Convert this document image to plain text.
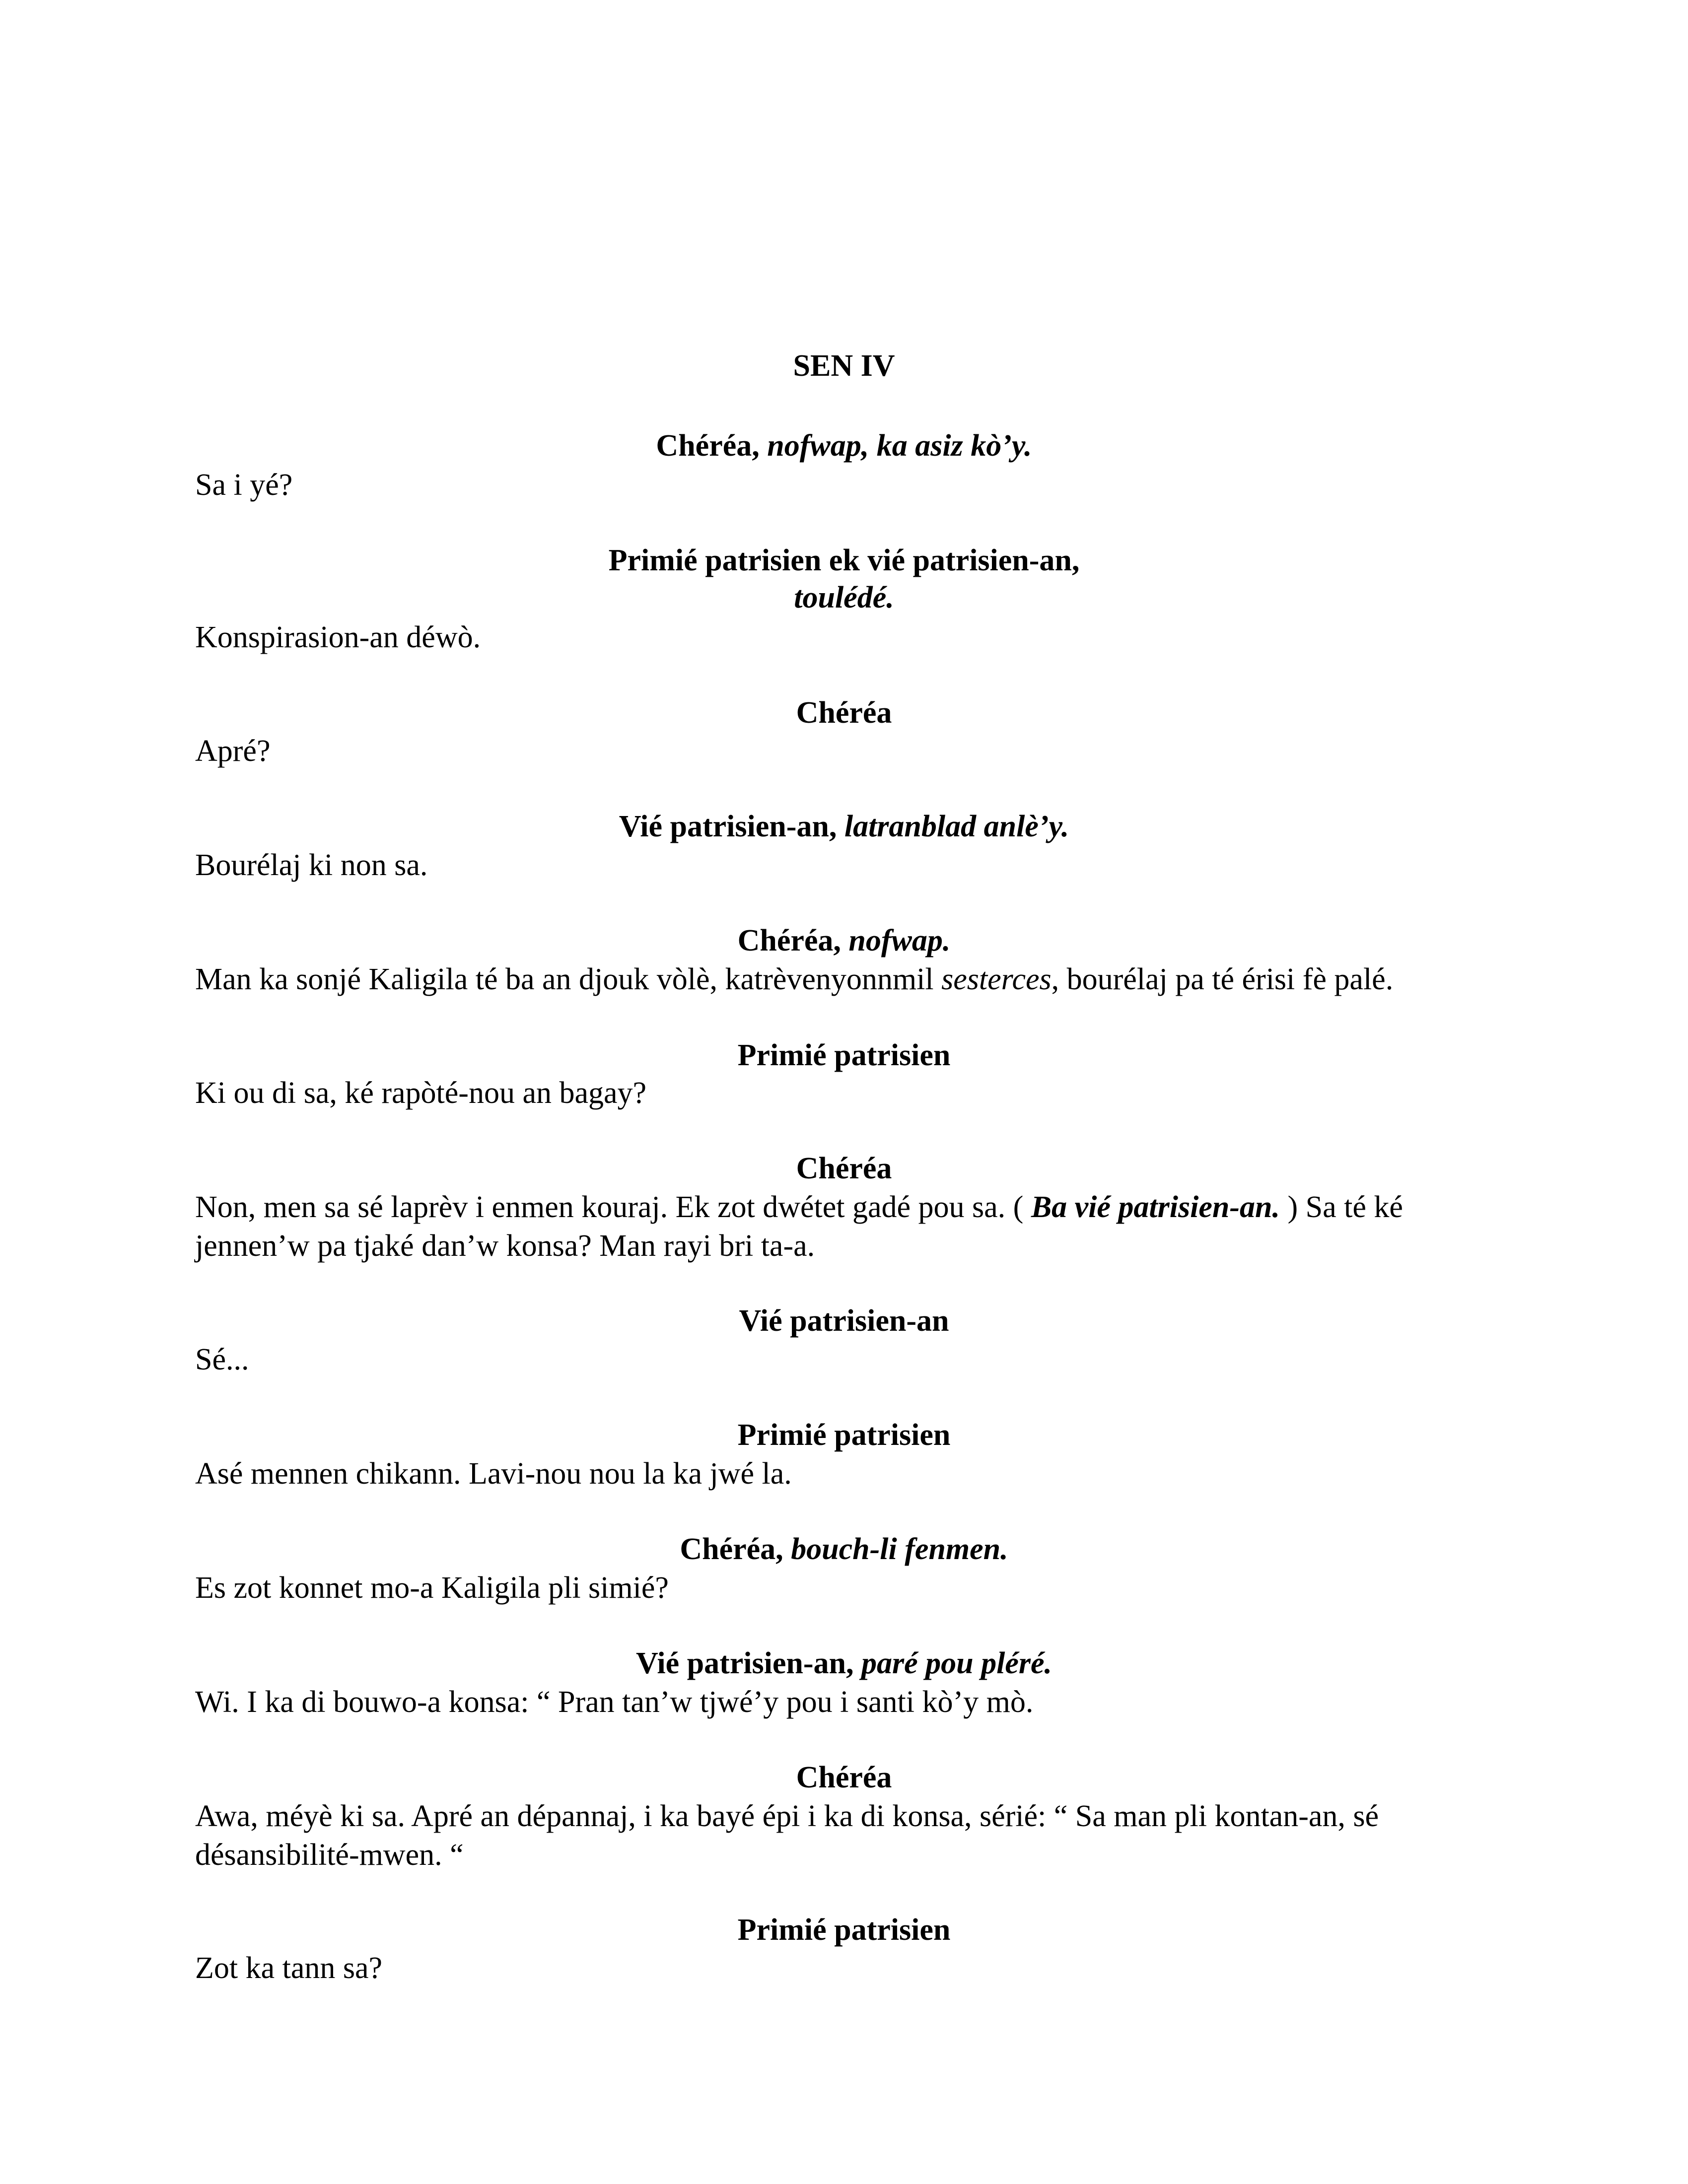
SEN IV
Chéréa, nofwap, ka asiz kò’y.
Sa i yé?
Primié patrisien ek vié patrisien-an,
toulédé.
Konspirasion-an déwò.
Chéréa
Apré?
Vié patrisien-an, latranblad anlè’y.
Bourélaj ki non sa.
Chéréa, nofwap.
Man ka sonjé Kaligila té ba an djouk vòlè, katrèvenyonnmil sesterces, bourélaj pa té érisi fè palé.
Primié patrisien
Ki ou di sa, ké rapòté-nou an bagay?
Chéréa
Non, men sa sé laprèv i enmen kouraj. Ek zot dwétet gadé pou sa. ( Ba vié patrisien-an. ) Sa té ké jennen’w pa tjaké dan’w konsa? Man rayi bri ta-a.
Vié patrisien-an
Sé...
Primié patrisien
Asé mennen chikann. Lavi-nou nou la ka jwé la.
Chéréa, bouch-li fenmen.
Es zot konnet mo-a Kaligila pli simié?
Vié patrisien-an, paré pou pléré.
Wi. I ka di bouwo-a konsa: “ Pran tan’w tjwé’y pou i santi kò’y mò.
Chéréa
Awa, méyè ki sa. Apré an dépannaj, i ka bayé épi i ka di konsa, sérié: “ Sa man pli kontan-an, sé désansibilité-mwen. “
Primié patrisien
Zot ka tann sa?
